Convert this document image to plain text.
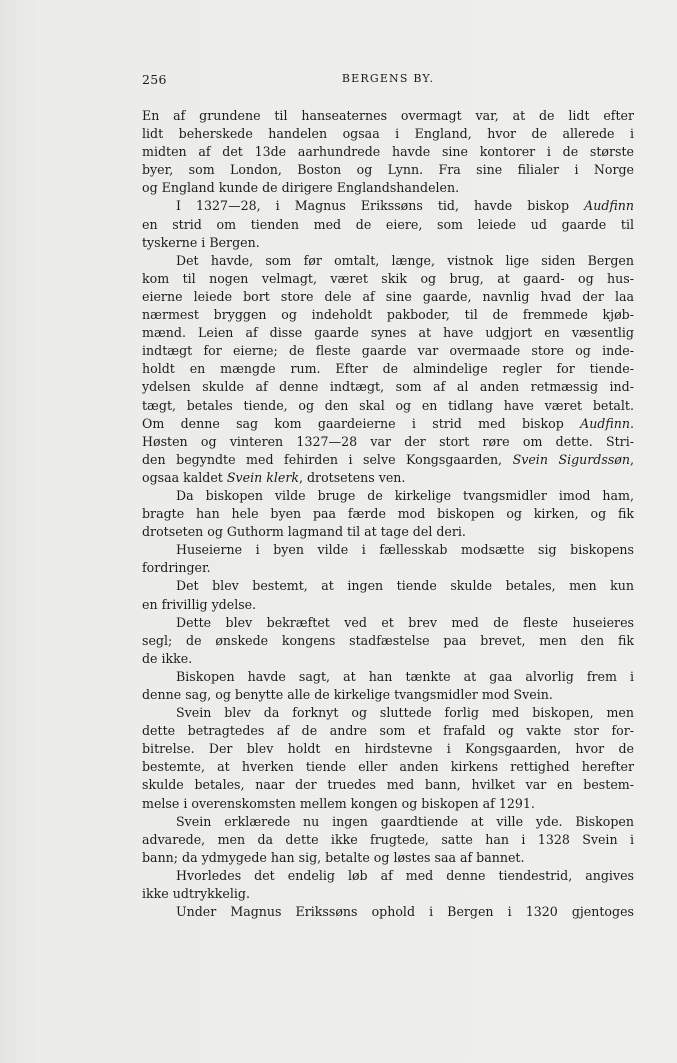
256	BERGENS BY.
En af grundene til hanseaternes overmagt var, at de lidt efter
lidt beherskede handelen ogsaa i England, hvor de allerede i
midten af det 13de aarhundrede havde sine kontorer i de største
byer, som London, Boston og Lynn. Fra sine filialer i Norge
og England kunde de dirigere Englandshandelen.
I 1327—28, i Magnus Erikssøns tid, havde biskop Audfinn
en strid om tienden med de eiere, som leiede ud gaarde til
tyskerne i Bergen.
Det havde, som før omtalt, længe, vistnok lige siden Bergen
kom til nogen velmagt, været skik og brug, at gaard- og hus-
eierne leiede bort store dele af sine gaarde, navnlig hvad der laa
nærmest bryggen og indeholdt pakboder, til de fremmede kjøb-
mænd. Leien af disse gaarde synes at have udgjort en væsentlig
indtægt for eierne; de fleste gaarde var overmaade store og inde-
holdt en mængde rum. Efter de almindelige regler for tiende-
ydelsen skulde af denne indtægt, som af al anden retmæssig ind-
tægt, betales tiende, og den skal og en tidlang have været betalt.
Om denne sag kom gaardeierne i strid med biskop Audfinn.
Høsten og vinteren 1327—28 var der stort røre om dette. Stri-
den begyndte med fehirden i selve Kongsgaarden, Svein Sigurdssøn,
ogsaa kaldet Svein klerk, drotsetens ven.
Da biskopen vilde bruge de kirkelige tvangsmidler imod ham,
bragte han hele byen paa færde mod biskopen og kirken, og fik
drotseten og Guthorm lagmand til at tage del deri.
Huseierne i byen vilde i fællesskab modsætte sig biskopens
fordringer.
Det blev bestemt, at ingen tiende skulde betales, men kun
en frivillig ydelse.
Dette blev bekræftet ved et brev med de fleste huseieres
segl; de ønskede kongens stadfæstelse paa brevet, men den fik
de ikke.
Biskopen havde sagt, at han tænkte at gaa alvorlig frem i
denne sag, og benytte alle de kirkelige tvangsmidler mod Svein.
Svein blev da forknyt og sluttede forlig med biskopen, men
dette betragtedes af de andre som et frafald og vakte stor for-
bitrelse. Der blev holdt en hirdstevne i Kongsgaarden, hvor de
bestemte, at hverken tiende eller anden kirkens rettighed herefter
skulde betales, naar der truedes med bann, hvilket var en bestem-
melse i overenskomsten mellem kongen og biskopen af 1291.
Svein erklærede nu ingen gaardtiende at ville yde. Biskopen
advarede, men da dette ikke frugtede, satte han i 1328 Svein i
bann; da ydmygede han sig, betalte og løstes saa af bannet.
Hvorledes det endelig løb af med denne tiendestrid, angives
ikke udtrykkelig.
Under Magnus Erikssøns ophold i Bergen i 1320 gjentoges
